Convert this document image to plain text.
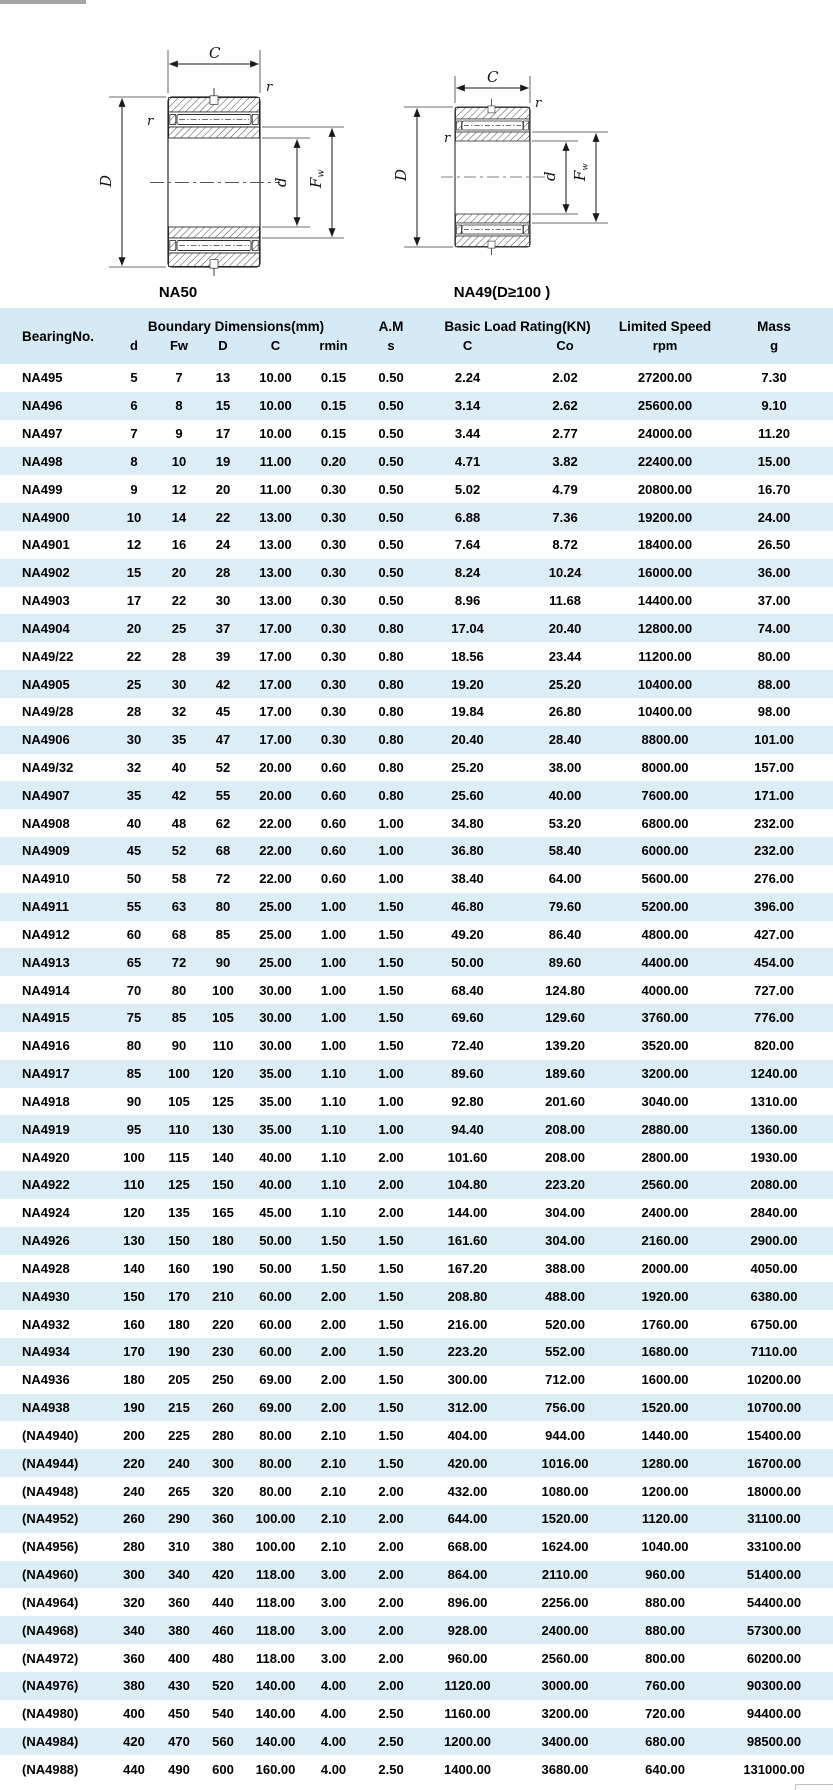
C
r
r
D	d Fw
NA50
C
r
r
D	d Fw
NA49(D≥100 )
BearingNo.	Boundary Dimensions(mm)					A.M	Basic Load Rating(KN)		Limited Speed	Mass
	d	Fw	D	C	rmin	s	C	Co	rpm	g
NA495	5	7	13	10.00	0.15	0.50	2.24	2.02	27200.00	7.30
NA496	6	8	15	10.00	0.15	0.50	3.14	2.62	25600.00	9.10
NA497	7	9	17	10.00	0.15	0.50	3.44	2.77	24000.00	11.20
NA498	8	10	19	11.00	0.20	0.50	4.71	3.82	22400.00	15.00
NA499	9	12	20	11.00	0.30	0.50	5.02	4.79	20800.00	16.70
NA4900	10	14	22	13.00	0.30	0.50	6.88	7.36	19200.00	24.00
NA4901	12	16	24	13.00	0.30	0.50	7.64	8.72	18400.00	26.50
NA4902	15	20	28	13.00	0.30	0.50	8.24	10.24	16000.00	36.00
NA4903	17	22	30	13.00	0.30	0.50	8.96	11.68	14400.00	37.00
NA4904	20	25	37	17.00	0.30	0.80	17.04	20.40	12800.00	74.00
NA49/22	22	28	39	17.00	0.30	0.80	18.56	23.44	11200.00	80.00
NA4905	25	30	42	17.00	0.30	0.80	19.20	25.20	10400.00	88.00
NA49/28	28	32	45	17.00	0.30	0.80	19.84	26.80	10400.00	98.00
NA4906	30	35	47	17.00	0.30	0.80	20.40	28.40	8800.00	101.00
NA49/32	32	40	52	20.00	0.60	0.80	25.20	38.00	8000.00	157.00
NA4907	35	42	55	20.00	0.60	0.80	25.60	40.00	7600.00	171.00
NA4908	40	48	62	22.00	0.60	1.00	34.80	53.20	6800.00	232.00
NA4909	45	52	68	22.00	0.60	1.00	36.80	58.40	6000.00	232.00
NA4910	50	58	72	22.00	0.60	1.00	38.40	64.00	5600.00	276.00
NA4911	55	63	80	25.00	1.00	1.50	46.80	79.60	5200.00	396.00
NA4912	60	68	85	25.00	1.00	1.50	49.20	86.40	4800.00	427.00
NA4913	65	72	90	25.00	1.00	1.50	50.00	89.60	4400.00	454.00
NA4914	70	80	100	30.00	1.00	1.50	68.40	124.80	4000.00	727.00
NA4915	75	85	105	30.00	1.00	1.50	69.60	129.60	3760.00	776.00
NA4916	80	90	110	30.00	1.00	1.50	72.40	139.20	3520.00	820.00
NA4917	85	100	120	35.00	1.10	1.00	89.60	189.60	3200.00	1240.00
NA4918	90	105	125	35.00	1.10	1.00	92.80	201.60	3040.00	1310.00
NA4919	95	110	130	35.00	1.10	1.00	94.40	208.00	2880.00	1360.00
NA4920	100	115	140	40.00	1.10	2.00	101.60	208.00	2800.00	1930.00
NA4922	110	125	150	40.00	1.10	2.00	104.80	223.20	2560.00	2080.00
NA4924	120	135	165	45.00	1.10	2.00	144.00	304.00	2400.00	2840.00
NA4926	130	150	180	50.00	1.50	1.50	161.60	304.00	2160.00	2900.00
NA4928	140	160	190	50.00	1.50	1.50	167.20	388.00	2000.00	4050.00
NA4930	150	170	210	60.00	2.00	1.50	208.80	488.00	1920.00	6380.00
NA4932	160	180	220	60.00	2.00	1.50	216.00	520.00	1760.00	6750.00
NA4934	170	190	230	60.00	2.00	1.50	223.20	552.00	1680.00	7110.00
NA4936	180	205	250	69.00	2.00	1.50	300.00	712.00	1600.00	10200.00
NA4938	190	215	260	69.00	2.00	1.50	312.00	756.00	1520.00	10700.00
(NA4940)	200	225	280	80.00	2.10	1.50	404.00	944.00	1440.00	15400.00
(NA4944)	220	240	300	80.00	2.10	1.50	420.00	1016.00	1280.00	16700.00
(NA4948)	240	265	320	80.00	2.10	2.00	432.00	1080.00	1200.00	18000.00
(NA4952)	260	290	360	100.00	2.10	2.00	644.00	1520.00	1120.00	31100.00
(NA4956)	280	310	380	100.00	2.10	2.00	668.00	1624.00	1040.00	33100.00
(NA4960)	300	340	420	118.00	3.00	2.00	864.00	2110.00	960.00	51400.00
(NA4964)	320	360	440	118.00	3.00	2.00	896.00	2256.00	880.00	54400.00
(NA4968)	340	380	460	118.00	3.00	2.00	928.00	2400.00	880.00	57300.00
(NA4972)	360	400	480	118.00	3.00	2.00	960.00	2560.00	800.00	60200.00
(NA4976)	380	430	520	140.00	4.00	2.00	1120.00	3000.00	760.00	90300.00
(NA4980)	400	450	540	140.00	4.00	2.50	1160.00	3200.00	720.00	94400.00
(NA4984)	420	470	560	140.00	4.00	2.50	1200.00	3400.00	680.00	98500.00
(NA4988)	440	490	600	160.00	4.00	2.50	1400.00	3680.00	640.00	131000.00
